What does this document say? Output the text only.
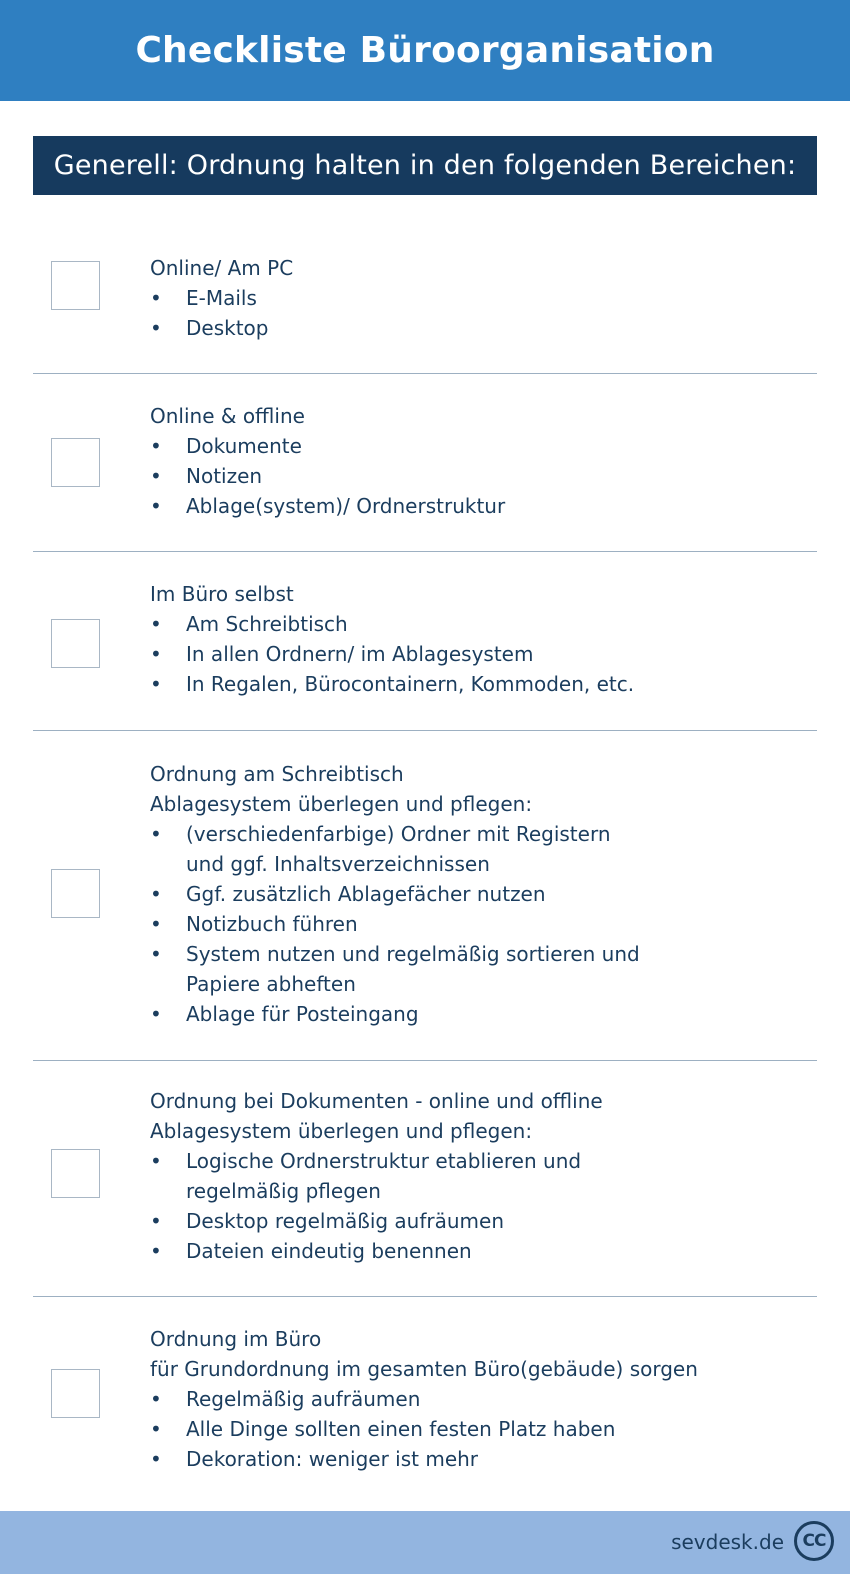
Checkliste Büroorganisation
Generell: Ordnung halten in den folgenden Bereichen:
Online/ Am PC
• E-Mails
• Desktop
Online & offline
• Dokumente
• Notizen
• Ablage(system)/ Ordnerstruktur
Im Büro selbst
• Am Schreibtisch
• In allen Ordnern/ im Ablagesystem
• In Regalen, Bürocontainern, Kommoden, etc.
Ordnung am Schreibtisch
Ablagesystem überlegen und pflegen:
• (verschiedenfarbige) Ordner mit Registern
und ggf. Inhaltsverzeichnissen
• Ggf. zusätzlich Ablagefächer nutzen
• Notizbuch führen
• System nutzen und regelmäßig sortieren und
Papiere abheften
• Ablage für Posteingang
Ordnung bei Dokumenten - online und offline
Ablagesystem überlegen und pflegen:
• Logische Ordnerstruktur etablieren und
regelmäßig pflegen
• Desktop regelmäßig aufräumen
• Dateien eindeutig benennen
Ordnung im Büro
für Grundordnung im gesamten Büro(gebäude) sorgen
• Regelmäßig aufräumen
• Alle Dinge sollten einen festen Platz haben
• Dekoration: weniger ist mehr
sevdesk.de	CC
